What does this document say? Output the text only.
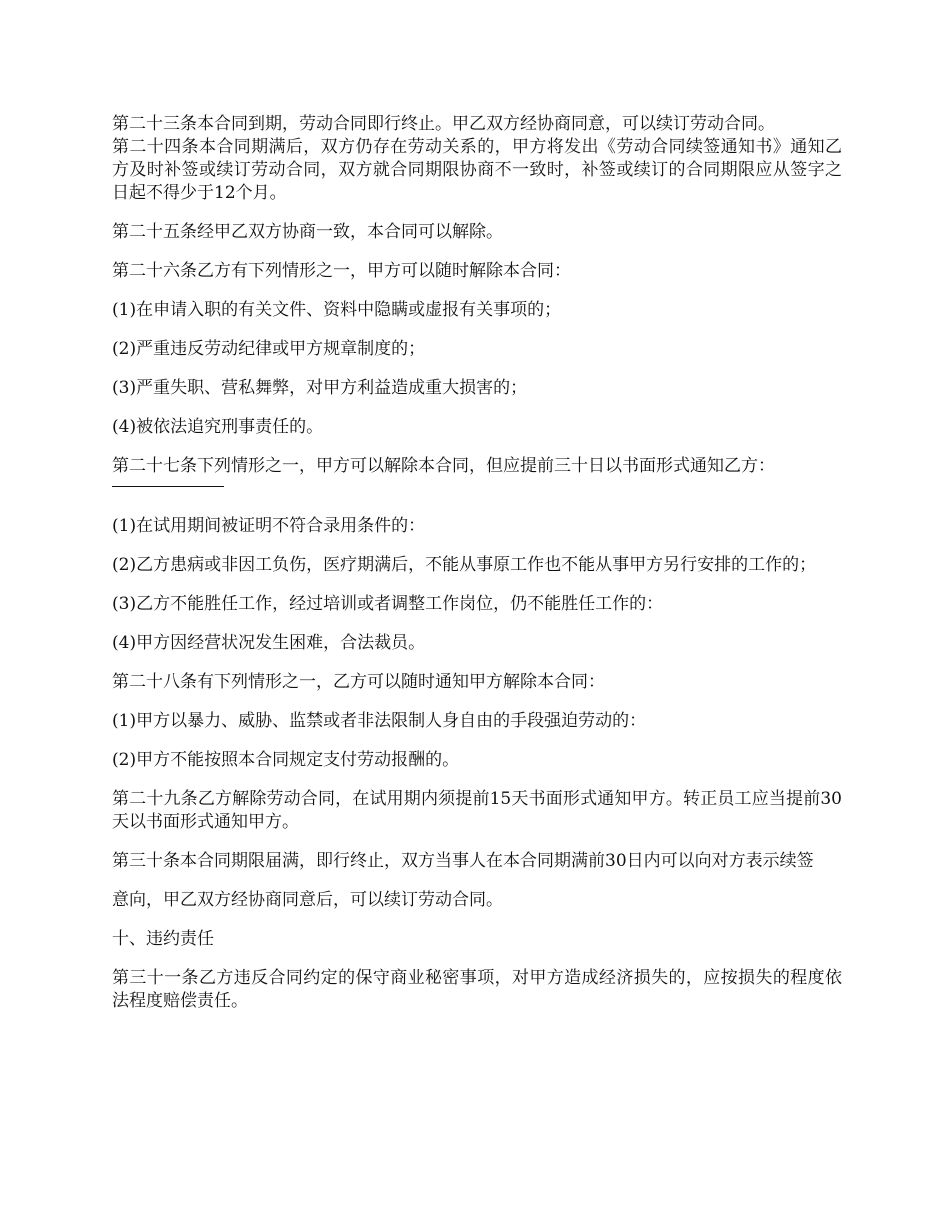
第二十三条本合同到期，劳动合同即行终止。甲乙双方经协商同意，可以续订劳动合同。

第二十四条本合同期满后，双方仍存在劳动关系的，甲方将发出《劳动合同续签通知书》通知乙方及时补签或续订劳动合同，双方就合同期限协商不一致时，补签或续订的合同期限应从签字之日起不得少于12个月。

第二十五条经甲乙双方协商一致，本合同可以解除。

第二十六条乙方有下列情形之一，甲方可以随时解除本合同：

(1)在申请入职的有关文件、资料中隐瞒或虚报有关事项的；

(2)严重违反劳动纪律或甲方规章制度的；

(3)严重失职、营私舞弊，对甲方利益造成重大损害的；

(4)被依法追究刑事责任的。

第二十七条下列情形之一，甲方可以解除本合同，但应提前三十日以书面形式通知乙方：

(1)在试用期间被证明不符合录用条件的：

(2)乙方患病或非因工负伤，医疗期满后，不能从事原工作也不能从事甲方另行安排的工作的；

(3)乙方不能胜任工作，经过培训或者调整工作岗位，仍不能胜任工作的：

(4)甲方因经营状况发生困难，合法裁员。

第二十八条有下列情形之一，乙方可以随时通知甲方解除本合同：

(1)甲方以暴力、威胁、监禁或者非法限制人身自由的手段强迫劳动的：

(2)甲方不能按照本合同规定支付劳动报酬的。

第二十九条乙方解除劳动合同，在试用期内须提前15天书面形式通知甲方。转正员工应当提前30天以书面形式通知甲方。

第三十条本合同期限届满，即行终止，双方当事人在本合同期满前30日内可以向对方表示续签

意向，甲乙双方经协商同意后，可以续订劳动合同。

十、违约责任

第三十一条乙方违反合同约定的保守商业秘密事项，对甲方造成经济损失的，应按损失的程度依法程度赔偿责任。
